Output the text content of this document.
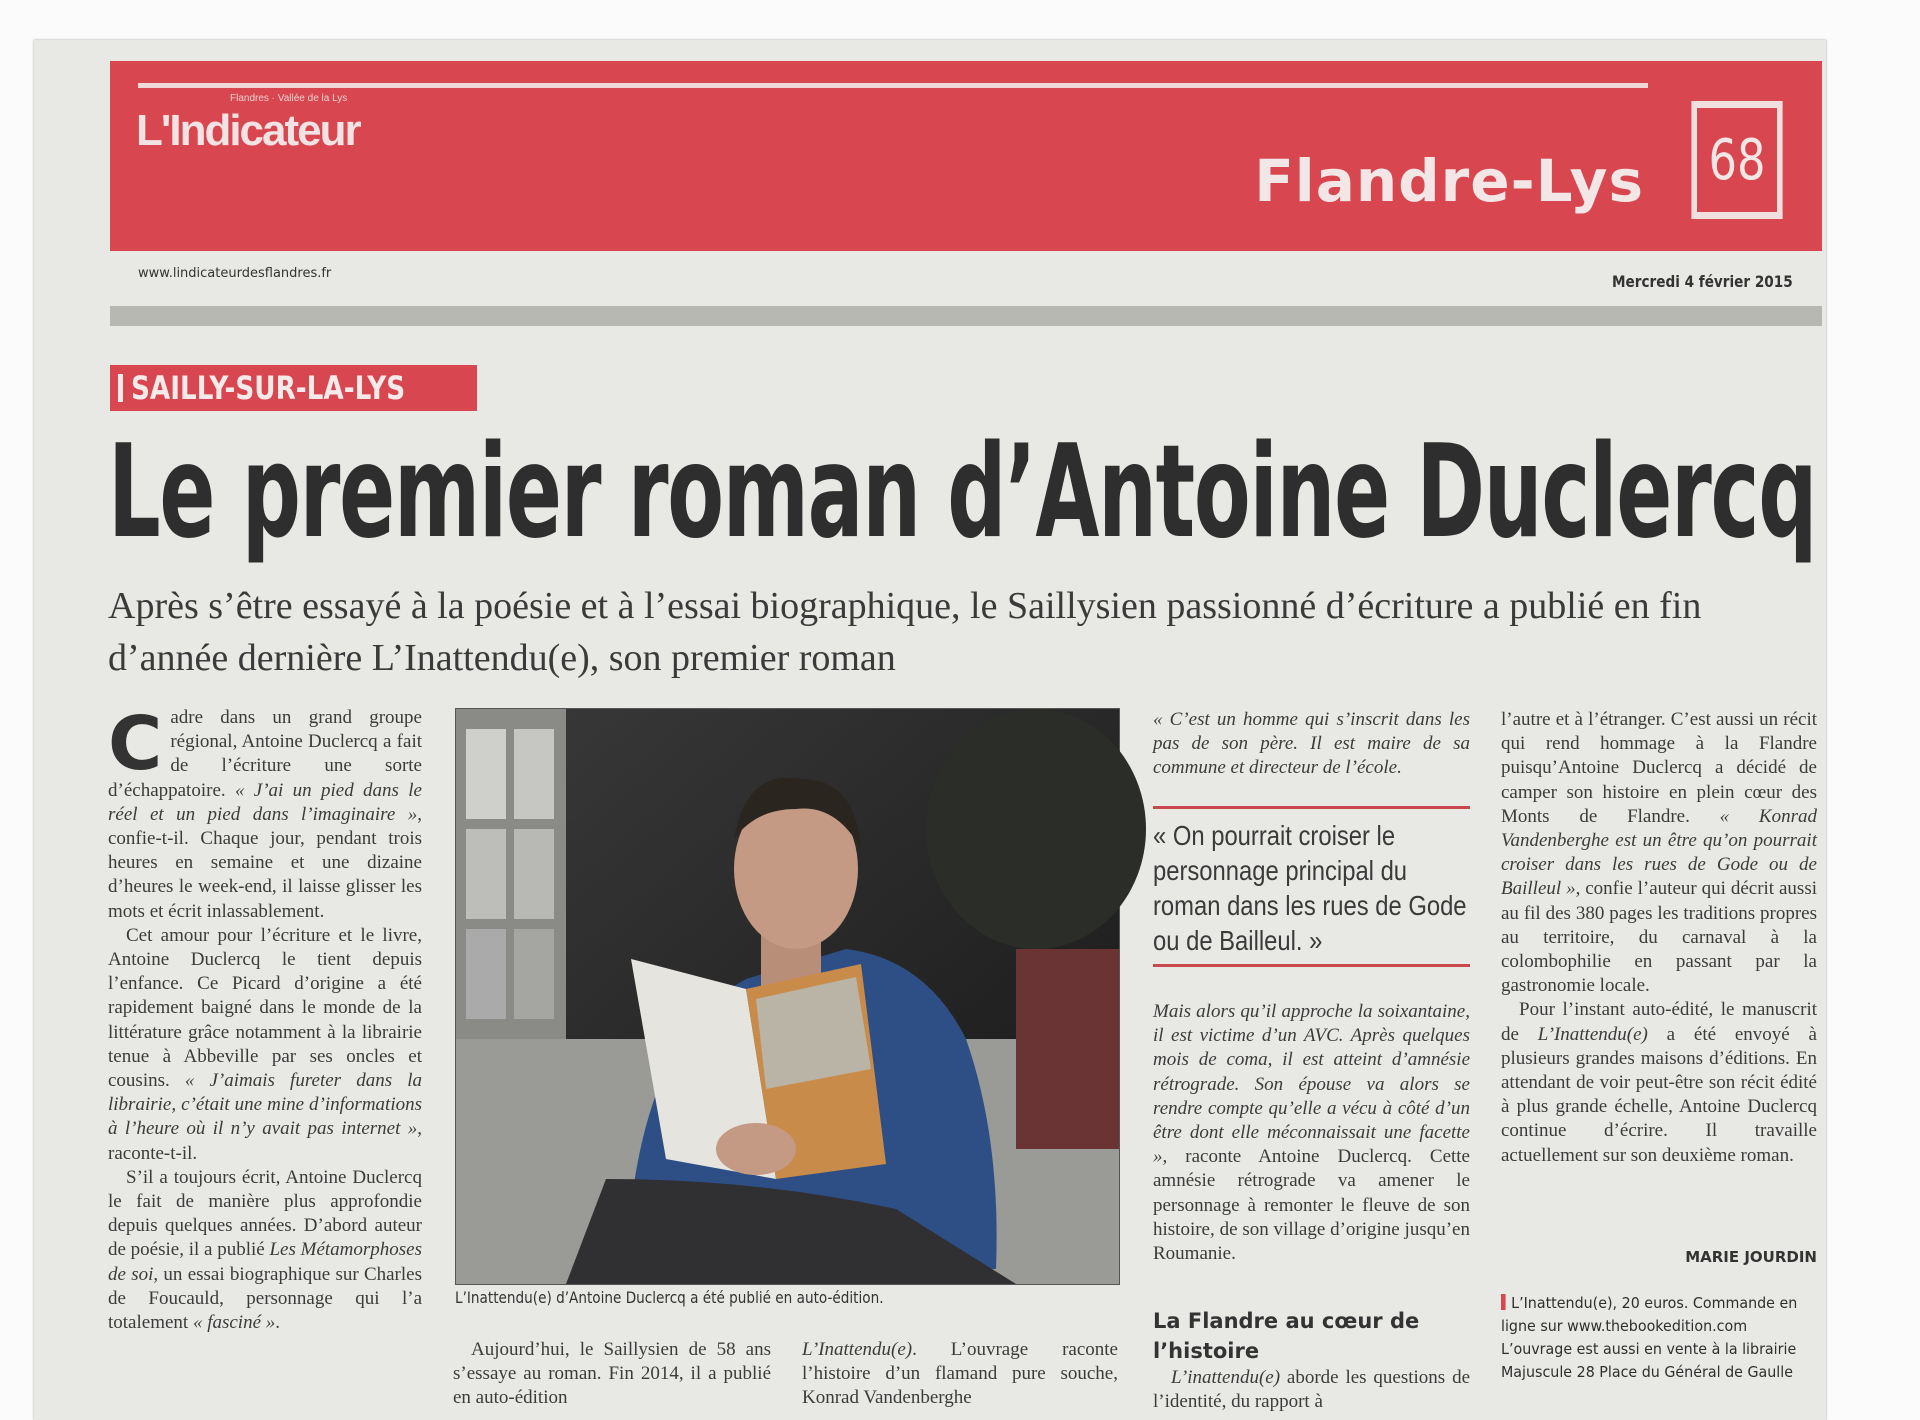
L'Indicateur
Flandres · Vallée de la Lys
Flandre-Lys	68
www.lindicateurdesflandres.fr	Mercredi 4 février 2015
SAILLY-SUR-LA-LYS
Le premier roman d’Antoine Duclercq
Après s’être essayé à la poésie et à l’essai biographique, le Saillysien passionné d’écriture a publié en fin d’année dernière L’Inattendu(e), son premier roman
C adre dans un grand groupe régional, Antoine Duclercq a fait de l’écriture une sorte d’échappatoire. « J’ai un pied dans le réel et un pied dans l’imaginaire », confie-t-il. Chaque jour, pendant trois heures en semaine et une dizaine d’heures le week-end, il laisse glisser les mots et écrit inlassablement.

Cet amour pour l’écriture et le livre, Antoine Duclercq le tient depuis l’enfance. Ce Picard d’origine a été rapidement baigné dans le monde de la littérature grâce notamment à la librairie tenue à Abbeville par ses oncles et cousins. « J’aimais fureter dans la librairie, c’était une mine d’informations à l’heure où il n’y avait pas internet », raconte-t-il.

S’il a toujours écrit, Antoine Duclercq le fait de manière plus approfondie depuis quelques années. D’abord auteur de poésie, il a publié Les Métamorphoses de soi, un essai biographique sur Charles de Foucauld, personnage qui l’a totalement « fasciné ».

L’Inattendu(e) d’Antoine Duclercq a été publié en auto-édition.

Aujourd’hui, le Saillysien de 58 ans s’essaye au roman. Fin 2014, il a publié en auto-édition

L’Inattendu(e). L’ouvrage raconte l’histoire d’un flamand pure souche, Konrad Vandenberghe

« C’est un homme qui s’inscrit dans les pas de son père. Il est maire de sa commune et directeur de l’école.

« On pourrait croiser le personnage principal du roman dans les rues de Gode ou de Bailleul. »

Mais alors qu’il approche la soixantaine, il est victime d’un AVC. Après quelques mois de coma, il est atteint d’amnésie rétrograde. Son épouse va alors se rendre compte qu’elle a vécu à côté d’un être dont elle méconnaissait une facette », raconte Antoine Duclercq. Cette amnésie rétrograde va amener le personnage à remonter le fleuve de son histoire, de son village d’origine jusqu’en Roumanie.

La Flandre au cœur de l’histoire

L’inattendu(e) aborde les questions de l’identité, du rapport à

l’autre et à l’étranger. C’est aussi un récit qui rend hommage à la Flandre puisqu’Antoine Duclercq a décidé de camper son histoire en plein cœur des Monts de Flandre. « Konrad Vandenberghe est un être qu’on pourrait croiser dans les rues de Gode ou de Bailleul », confie l’auteur qui décrit aussi au fil des 380 pages les traditions propres au territoire, du carnaval à la colombophilie en passant par la gastronomie locale.

Pour l’instant auto-édité, le manuscrit de L’Inattendu(e) a été envoyé à plusieurs grandes maisons d’éditions. En attendant de voir peut-être son récit édité à plus grande échelle, Antoine Duclercq continue d’écrire. Il travaille actuellement sur son deuxième roman.

MARIE JOURDIN
L’Inattendu(e), 20 euros. Commande en ligne sur www.thebookedition.com
L’ouvrage est aussi en vente à la librairie Majuscule 28 Place du Général de Gaulle
